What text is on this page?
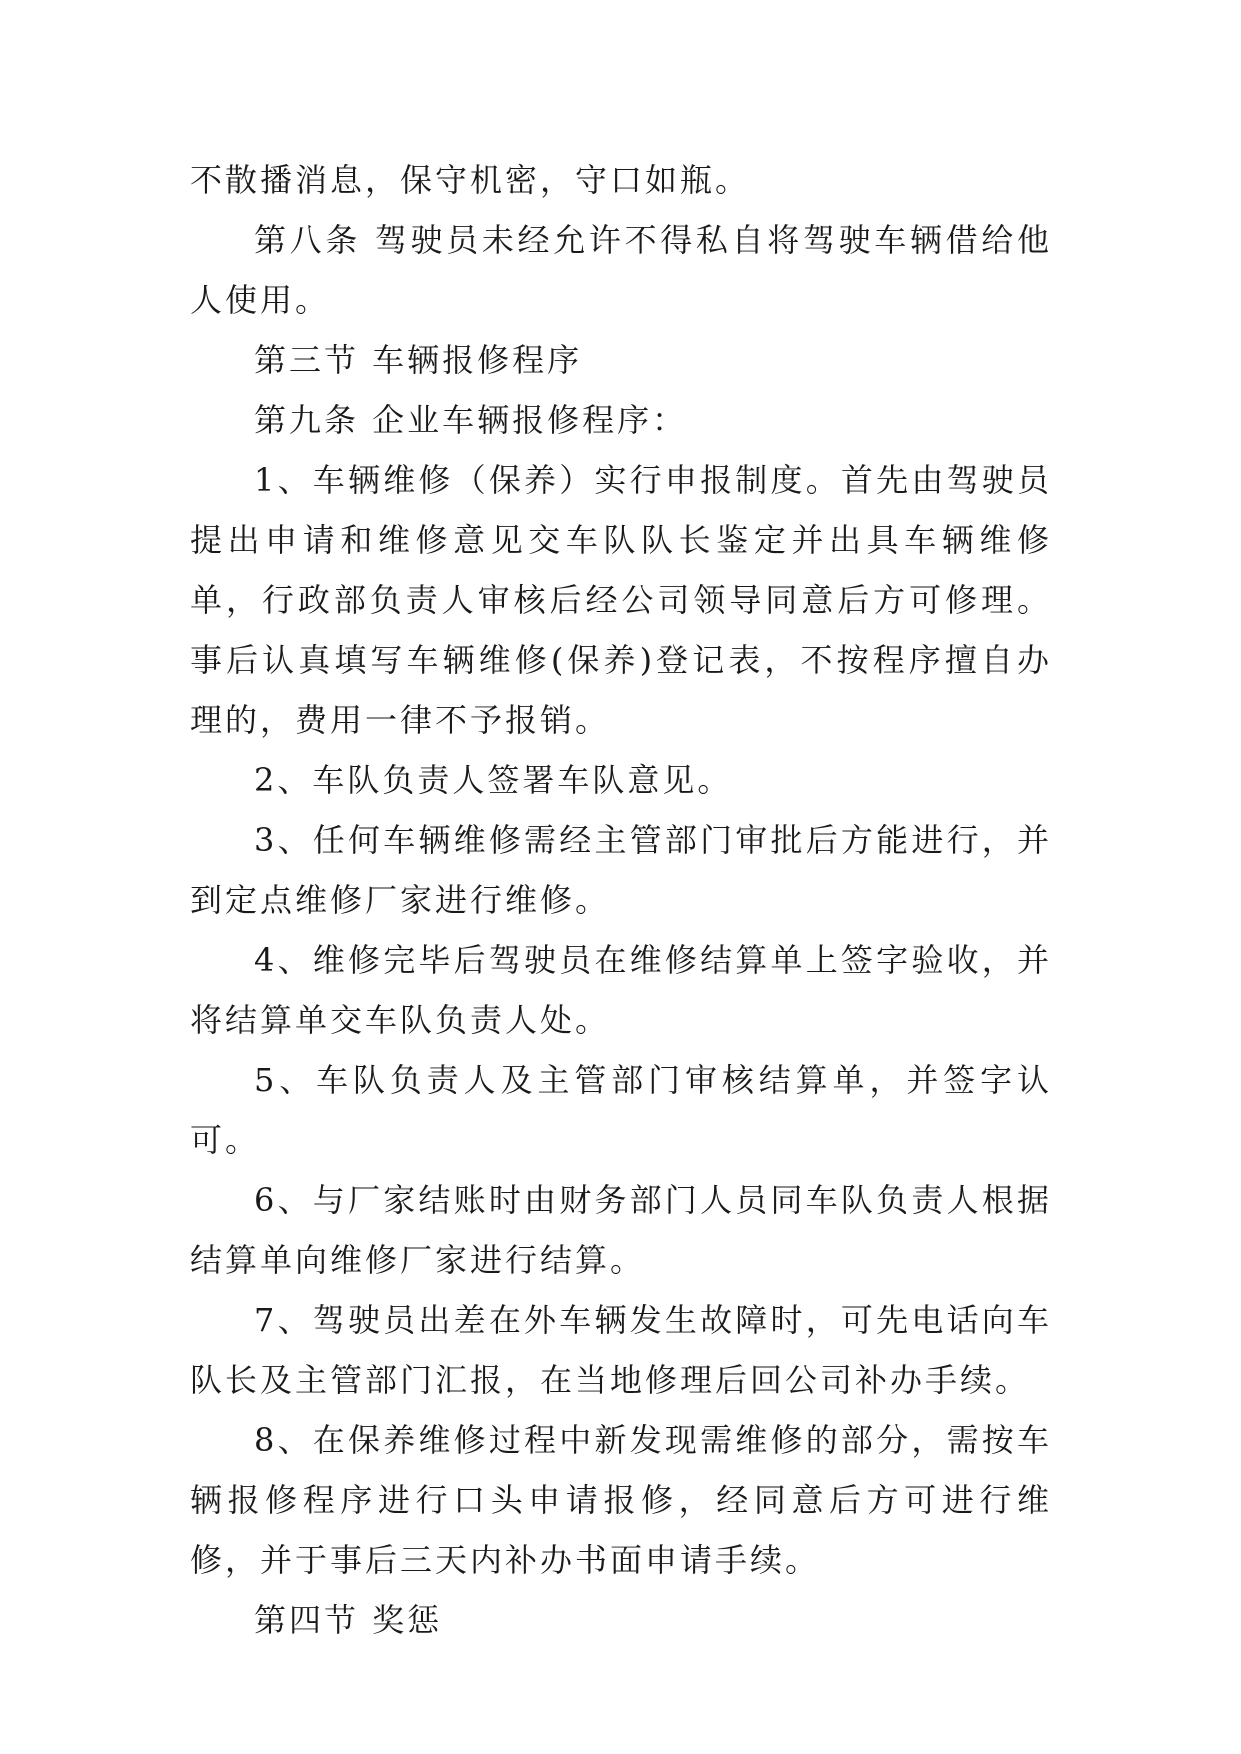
不散播消息，保守机密，守口如瓶。

第八条 驾驶员未经允许不得私自将驾驶车辆借给他人使用。

第三节 车辆报修程序

第九条 企业车辆报修程序：

1、车辆维修（保养）实行申报制度。首先由驾驶员提出申请和维修意见交车队队长鉴定并出具车辆维修单，行政部负责人审核后经公司领导同意后方可修理。事后认真填写车辆维修(保养)登记表，不按程序擅自办理的，费用一律不予报销。

2、车队负责人签署车队意见。

3、任何车辆维修需经主管部门审批后方能进行，并到定点维修厂家进行维修。

4、维修完毕后驾驶员在维修结算单上签字验收，并将结算单交车队负责人处。

5、车队负责人及主管部门审核结算单，并签字认可。

6、与厂家结账时由财务部门人员同车队负责人根据结算单向维修厂家进行结算。

7、驾驶员出差在外车辆发生故障时，可先电话向车队长及主管部门汇报，在当地修理后回公司补办手续。

8、在保养维修过程中新发现需维修的部分，需按车辆报修程序进行口头申请报修，经同意后方可进行维修，并于事后三天内补办书面申请手续。

第四节 奖惩
